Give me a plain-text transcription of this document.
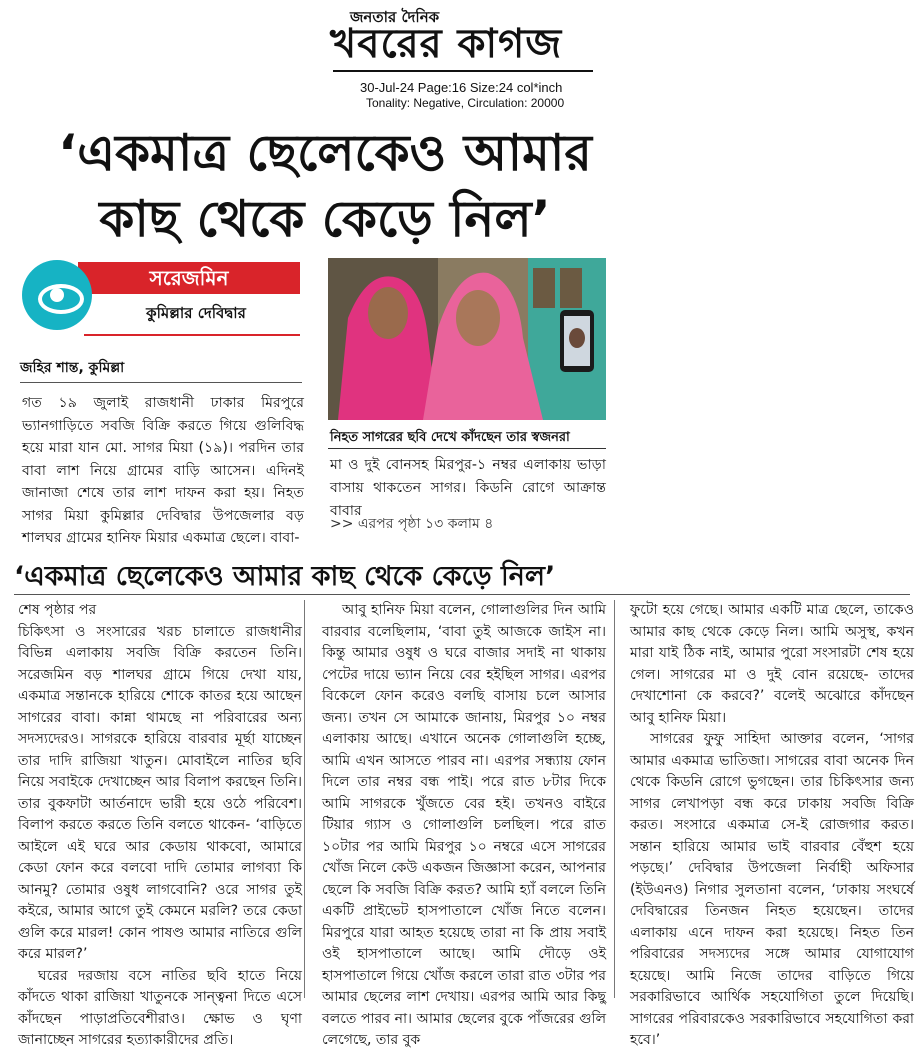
জনতার দৈনিক
খবরের কাগজ
30-Jul-24 Page:16 Size:24 col*inch
Tonality: Negative, Circulation: 20000
‘একমাত্র ছেলেকেও আমার কাছ থেকে কেড়ে নিল’
সরেজমিন
কুমিল্লার দেবিদ্বার
জহির শান্ত, কুমিল্লা
গত ১৯ জুলাই রাজধানী ঢাকার মিরপুরে ভ্যানগাড়িতে সবজি বিক্রি করতে গিয়ে গুলিবিদ্ধ হয়ে মারা যান মো. সাগর মিয়া (১৯)। পরদিন তার বাবা লাশ নিয়ে গ্রামের বাড়ি আসেন। এদিনই জানাজা শেষে তার লাশ দাফন করা হয়। নিহত সাগর মিয়া কুমিল্লার দেবিদ্বার উপজেলার বড় শালঘর গ্রামের হানিফ মিয়ার একমাত্র ছেলে। বাবা-
নিহত সাগরের ছবি দেখে কাঁদছেন তার স্বজনরা
মা ও দুই বোনসহ মিরপুর-১ নম্বর এলাকায় ভাড়া বাসায় থাকতেন সাগর। কিডনি রোগে আক্রান্ত বাবার
>> এরপর পৃষ্ঠা ১৩ কলাম ৪
‘একমাত্র ছেলেকেও আমার কাছ থেকে কেড়ে নিল’

শেষ পৃষ্ঠার পর

চিকিৎসা ও সংসারের খরচ চালাতে রাজধানীর বিভিন্ন এলাকায় সবজি বিক্রি করতেন তিনি। সরেজমিন বড় শালঘর গ্রামে গিয়ে দেখা যায়, একমাত্র সন্তানকে হারিয়ে শোকে কাতর হয়ে আছেন সাগরের বাবা। কান্না থামছে না পরিবারের অন্য সদস্যদেরও। সাগরকে হারিয়ে বারবার মূর্ছা যাচ্ছেন তার দাদি রাজিয়া খাতুন। মোবাইলে নাতির ছবি নিয়ে সবাইকে দেখাচ্ছেন আর বিলাপ করছেন তিনি। তার বুকফাটা আর্তনাদে ভারী হয়ে ওঠে পরিবেশ। বিলাপ করতে করতে তিনি বলতে থাকেন- ‘বাড়িতে আইলে এই ঘরে আর কেডায় থাকবো, আমারে কেডা ফোন করে বলবো দাদি তোমার লাগব্যা কি আনমু? তোমার ওষুধ লাগবোনি? ওরে সাগর তুই কইরে, আমার আগে তুই কেমনে মরলি? তরে কেডা গুলি করে মারল! কোন পাষণ্ড আমার নাতিরে গুলি করে মারল?’

ঘরের দরজায় বসে নাতির ছবি হাতে নিয়ে কাঁদতে থাকা রাজিয়া খাতুনকে সান্ত্বনা দিতে এসে কাঁদছেন পাড়াপ্রতিবেশীরাও। ক্ষোভ ও ঘৃণা জানাচ্ছেন সাগরের হত্যাকারীদের প্রতি।

আবু হানিফ মিয়া বলেন, গোলাগুলির দিন আমি বারবার বলেছিলাম, ‘বাবা তুই আজকে জাইস না। কিন্তু আমার ওষুধ ও ঘরে বাজার সদাই না থাকায় পেটের দায়ে ভ্যান নিয়ে বের হইছিল সাগর। এরপর বিকেলে ফোন করেও বলছি বাসায় চলে আসার জন্য। তখন সে আমাকে জানায়, মিরপুর ১০ নম্বর এলাকায় আছে। এখানে অনেক গোলাগুলি হচ্ছে, আমি এখন আসতে পারব না। এরপর সন্ধ্যায় ফোন দিলে তার নম্বর বন্ধ পাই। পরে রাত ৮টার দিকে আমি সাগরকে খুঁজতে বের হই। তখনও বাইরে টিয়ার গ্যাস ও গোলাগুলি চলছিল। পরে রাত ১০টার পর আমি মিরপুর ১০ নম্বরে এসে সাগরের খোঁজ নিলে কেউ একজন জিজ্ঞাসা করেন, আপনার ছেলে কি সবজি বিক্রি করত? আমি হ্যাঁ বললে তিনি একটি প্রাইভেট হাসপাতালে খোঁজ নিতে বলেন। মিরপুরে যারা আহত হয়েছে তারা না কি প্রায় সবাই ওই হাসপাতালে আছে। আমি দৌড়ে ওই হাসপাতালে গিয়ে খোঁজ করলে তারা রাত ৩টার পর আমার ছেলের লাশ দেখায়। এরপর আমি আর কিছু বলতে পারব না। আমার ছেলের বুকে পাঁজরের গুলি লেগেছে, তার বুক

ফুটো হয়ে গেছে। আমার একটি মাত্র ছেলে, তাকেও আমার কাছ থেকে কেড়ে নিল। আমি অসুস্থ, কখন মারা যাই ঠিক নাই, আমার পুরো সংসারটা শেষ হয়ে গেল। সাগরের মা ও দুই বোন রয়েছে- তাদের দেখাশোনা কে করবে?’ বলেই অঝোরে কাঁদছেন আবু হানিফ মিয়া।

সাগরের ফুফু সাহিদা আক্তার বলেন, ‘সাগর আমার একমাত্র ভাতিজা। সাগরের বাবা অনেক দিন থেকে কিডনি রোগে ভুগছেন। তার চিকিৎসার জন্য সাগর লেখাপড়া বন্ধ করে ঢাকায় সবজি বিক্রি করত। সংসারে একমাত্র সে-ই রোজগার করত। সন্তান হারিয়ে আমার ভাই বারবার বেঁহুশ হয়ে পড়ছে।’ দেবিদ্বার উপজেলা নির্বাহী অফিসার (ইউএনও) নিগার সুলতানা বলেন, ‘ঢাকায় সংঘর্ষে দেবিদ্বারের তিনজন নিহত হয়েছেন। তাদের এলাকায় এনে দাফন করা হয়েছে। নিহত তিন পরিবারের সদস্যদের সঙ্গে আমার যোগাযোগ হয়েছে। আমি নিজে তাদের বাড়িতে গিয়ে সরকারিভাবে আর্থিক সহযোগিতা তুলে দিয়েছি। সাগরের পরিবারকেও সরকারিভাবে সহযোগিতা করা হবে।’
